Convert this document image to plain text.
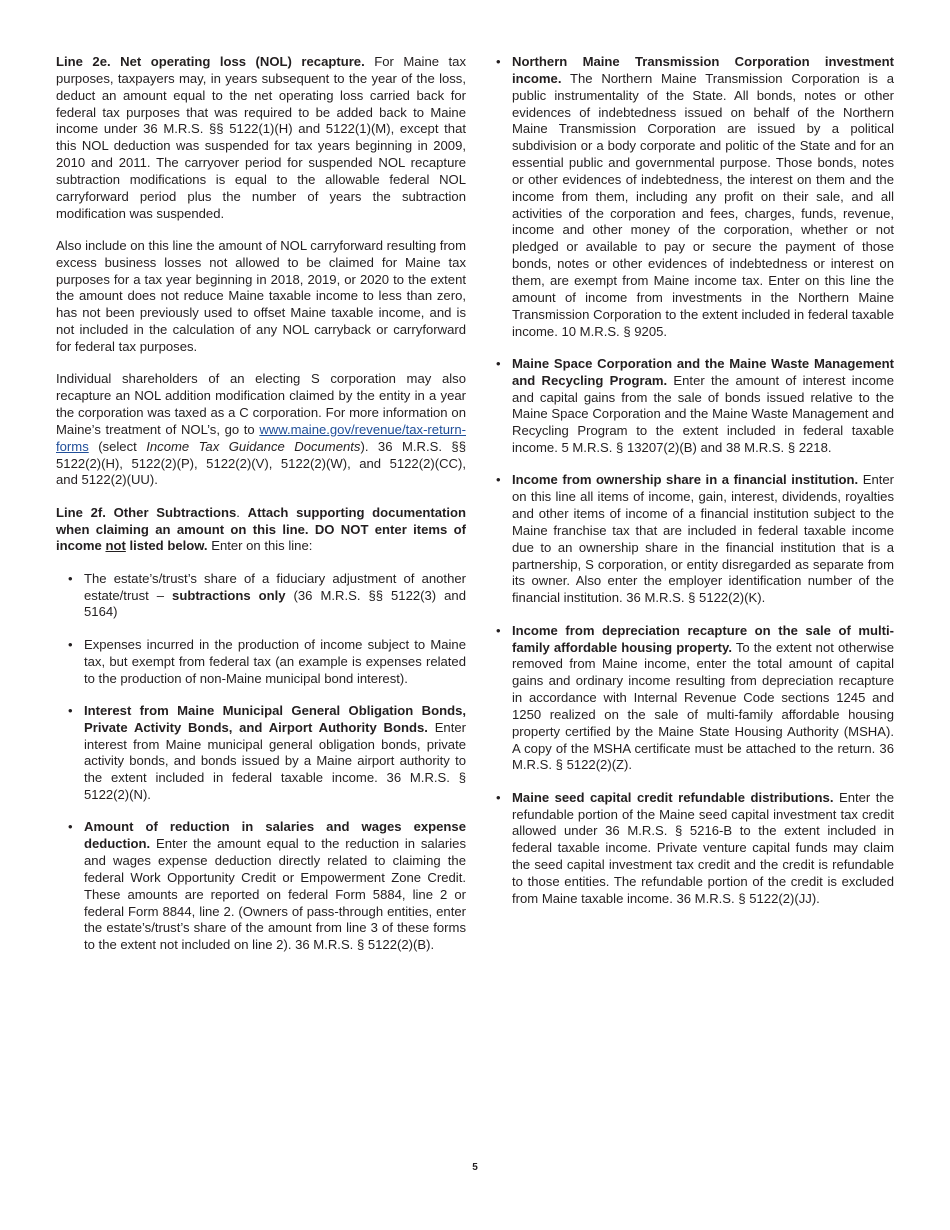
Line 2e. Net operating loss (NOL) recapture. For Maine tax purposes, taxpayers may, in years subsequent to the year of the loss, deduct an amount equal to the net operating loss carried back for federal tax purposes that was required to be added back to Maine income under 36 M.R.S. §§ 5122(1)(H) and 5122(1)(M), except that this NOL deduction was suspended for tax years beginning in 2009, 2010 and 2011. The carryover period for suspended NOL recapture subtraction modifications is equal to the allowable federal NOL carryforward period plus the number of years the subtraction modification was suspended.

Also include on this line the amount of NOL carryforward resulting from excess business losses not allowed to be claimed for Maine tax purposes for a tax year beginning in 2018, 2019, or 2020 to the extent the amount does not reduce Maine taxable income to less than zero, has not been previously used to offset Maine taxable income, and is not included in the calculation of any NOL carryback or carryforward for federal tax purposes.

Individual shareholders of an electing S corporation may also recapture an NOL addition modification claimed by the entity in a year the corporation was taxed as a C corporation. For more information on Maine’s treatment of NOL’s, go to www.maine.gov/revenue/tax-return-forms (select Income Tax Guidance Documents). 36 M.R.S. §§ 5122(2)(H), 5122(2)(P), 5122(2)(V), 5122(2)(W), and 5122(2)(CC), and 5122(2)(UU).

Line 2f. Other Subtractions. Attach supporting documentation when claiming an amount on this line. DO NOT enter items of income not listed below. Enter on this line:

• The estate’s/trust’s share of a fiduciary adjustment of another estate/trust – subtractions only (36 M.R.S. §§ 5122(3) and 5164)
• Expenses incurred in the production of income subject to Maine tax, but exempt from federal tax (an example is expenses related to the production of non-Maine municipal bond interest).
• Interest from Maine Municipal General Obligation Bonds, Private Activity Bonds, and Airport Authority Bonds. Enter interest from Maine municipal general obligation bonds, private activity bonds, and bonds issued by a Maine airport authority to the extent included in federal taxable income. 36 M.R.S. § 5122(2)(N).
• Amount of reduction in salaries and wages expense deduction. Enter the amount equal to the reduction in salaries and wages expense deduction directly related to claiming the federal Work Opportunity Credit or Empowerment Zone Credit. These amounts are reported on federal Form 5884, line 2 or federal Form 8844, line 2. (Owners of pass-through entities, enter the estate’s/trust’s share of the amount from line 3 of these forms to the extent not included on line 2). 36 M.R.S. § 5122(2)(B).
• Northern Maine Transmission Corporation investment income. The Northern Maine Transmission Corporation is a public instrumentality of the State. All bonds, notes or other evidences of indebtedness issued on behalf of the Northern Maine Transmission Corporation are issued by a political subdivision or a body corporate and politic of the State and for an essential public and governmental purpose. Those bonds, notes or other evidences of indebtedness, the interest on them and the income from them, including any profit on their sale, and all activities of the corporation and fees, charges, funds, revenue, income and other money of the corporation, whether or not pledged or available to pay or secure the payment of those bonds, notes or other evidences of indebtedness or interest on them, are exempt from Maine income tax. Enter on this line the amount of income from investments in the Northern Maine Transmission Corporation to the extent included in federal taxable income. 10 M.R.S. § 9205.
• Maine Space Corporation and the Maine Waste Management and Recycling Program. Enter the amount of interest income and capital gains from the sale of bonds issued relative to the Maine Space Corporation and the Maine Waste Management and Recycling Program to the extent included in federal taxable income. 5 M.R.S. § 13207(2)(B) and 38 M.R.S. § 2218.
• Income from ownership share in a financial institution. Enter on this line all items of income, gain, interest, dividends, royalties and other items of income of a financial institution subject to the Maine franchise tax that are included in federal taxable income due to an ownership share in the financial institution that is a partnership, S corporation, or entity disregarded as separate from its owner. Also enter the employer identification number of the financial institution. 36 M.R.S. § 5122(2)(K).
• Income from depreciation recapture on the sale of multi-family affordable housing property. To the extent not otherwise removed from Maine income, enter the total amount of capital gains and ordinary income resulting from depreciation recapture in accordance with Internal Revenue Code sections 1245 and 1250 realized on the sale of multi-family affordable housing property certified by the Maine State Housing Authority (MSHA). A copy of the MSHA certificate must be attached to the return. 36 M.R.S. § 5122(2)(Z).
• Maine seed capital credit refundable distributions. Enter the refundable portion of the Maine seed capital investment tax credit allowed under 36 M.R.S. § 5216-B to the extent included in federal taxable income. Private venture capital funds may claim the seed capital investment tax credit and the credit is refundable to those entities. The refundable portion of the credit is excluded from Maine taxable income. 36 M.R.S. § 5122(2)(JJ).
5
